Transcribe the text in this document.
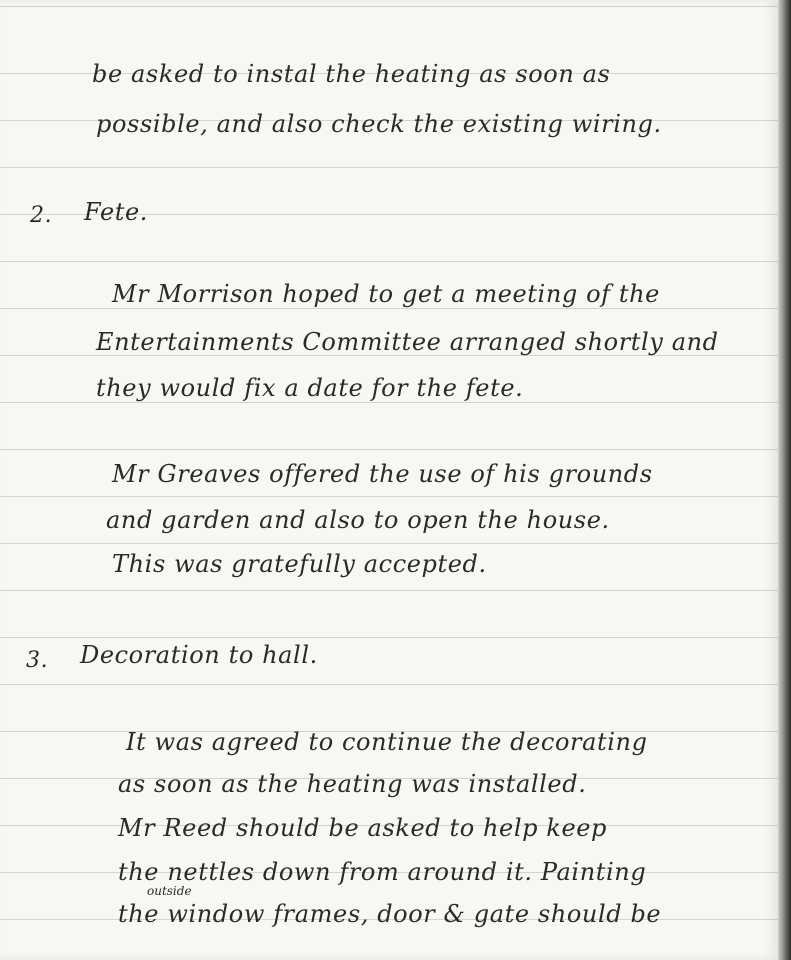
be asked to instal the heating as soon as

possible, and also check the existing wiring.

2. Fete.

Mr Morrison hoped to get a meeting of the

Entertainments Committee arranged shortly and

they would fix a date for the fete.

Mr Greaves offered the use of his grounds

and garden and also to open the house.

This was gratefully accepted.

3. Decoration to hall.

It was agreed to continue the decorating

as soon as the heating was installed.

Mr Reed should be asked to help keep

the nettles down from around it. Painting

outside

the window frames, door & gate should be
